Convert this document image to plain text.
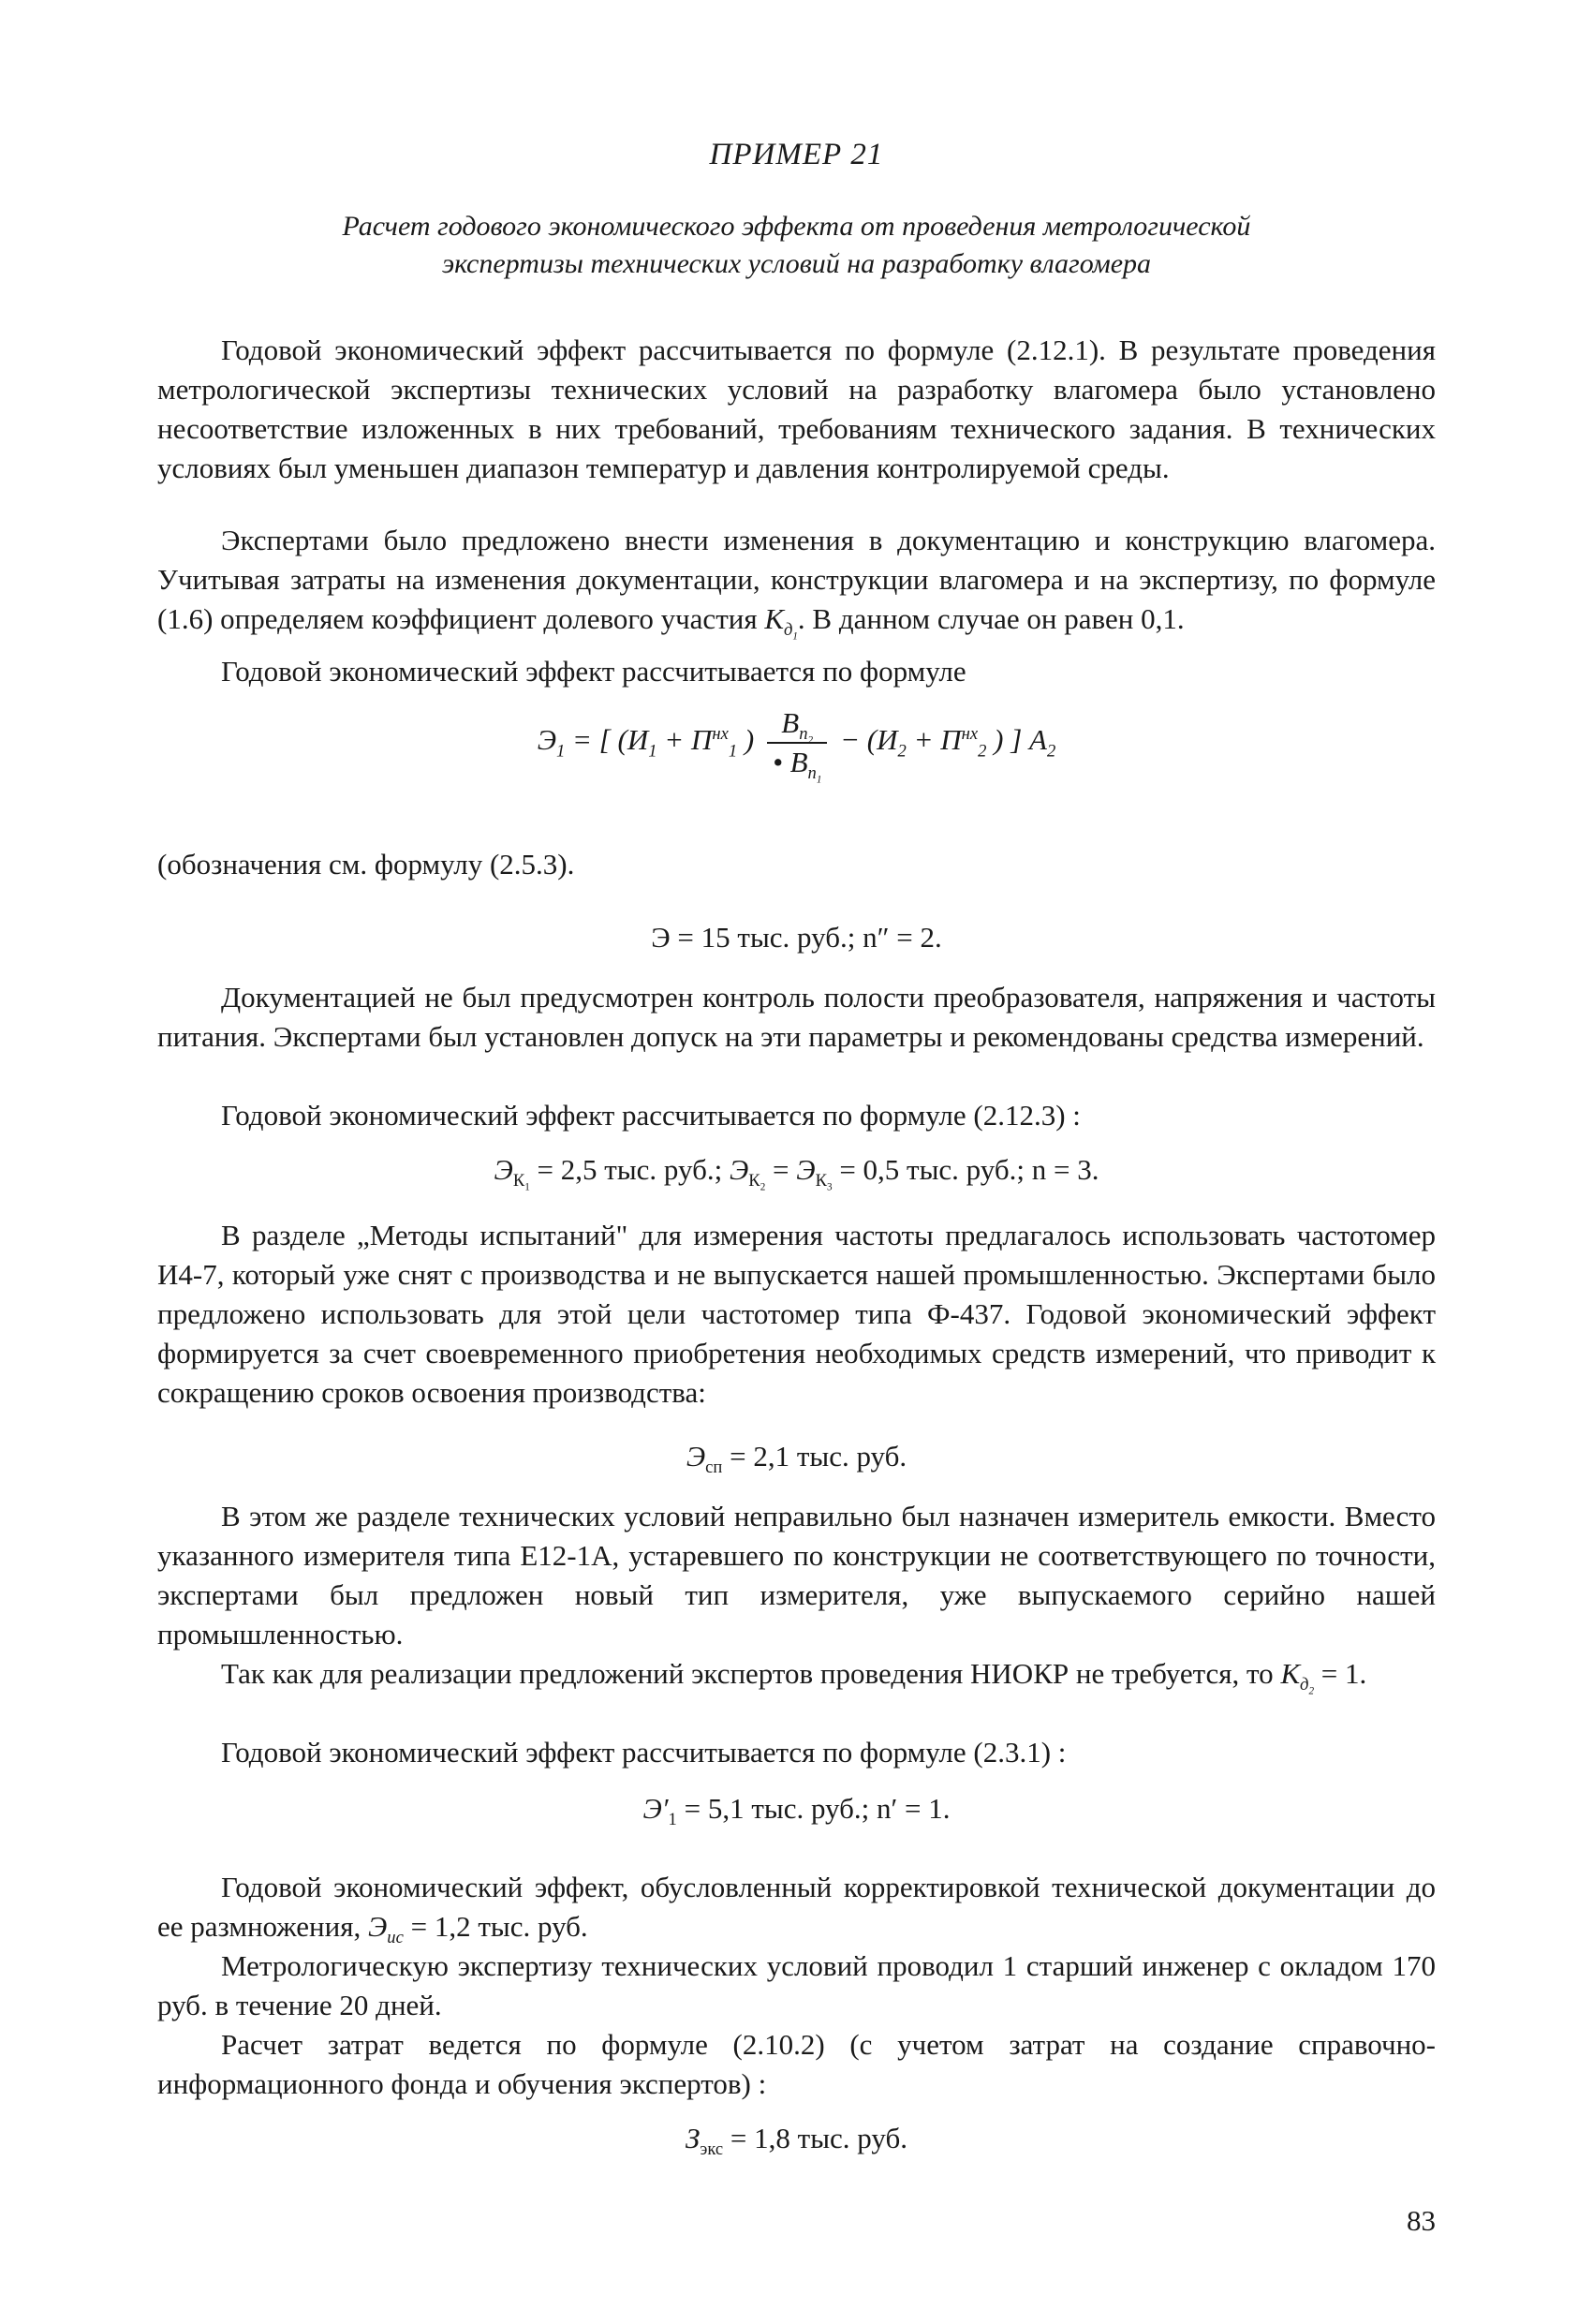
ПРИМЕР 21
Расчет годового экономического эффекта от проведения метрологической
экспертизы технических условий на разработку влагомера

Годовой экономический эффект рассчитывается по формуле (2.12.1). В результате проведения метрологической экспертизы технических условий на разработку влагомера было установлено несоответствие изложенных в них требований, требованиям технического задания. В технических условиях был уменьшен диапазон температур и давления контролируемой среды.

Экспертами было предложено внести изменения в документацию и конструкцию влагомера. Учитывая затраты на изменения документации, конструкции влагомера и на экспертизу, по формуле (1.6) определяем коэффициент долевого участия $К_{д_1}$. В данном случае он равен 0,1.

Годовой экономический эффект рассчитывается по формуле

$Э_1$ = [ ($И_1 + П^{нх}_1$ ) $\frac{В_{п_2}}{• В_{п_1}} - (И_2 + П^{нх}_2$ ) ] $А_2$

(обозначения см. формулу (2.5.3).

Э = 15 тыс. руб.; n″ = 2.

Документацией не был предусмотрен контроль полости преобразователя, напряжения и частоты питания. Экспертами был установлен допуск на эти параметры и рекомендованы средства измерений.

Годовой экономический эффект рассчитывается по формуле (2.12.3) :

$Э_{К_1} = 2,5$ тыс. руб.; $Э_{К_2} = Э_{К_3} = 0,5$ тыс. руб.; n = 3.

В разделе „Методы испытаний" для измерения частоты предлагалось использовать частотомер И4-7, который уже снят с производства и не выпускается нашей промышленностью. Экспертами было предложено использовать для этой цели частотомер типа Ф-437. Годовой экономический эффект формируется за счет своевременного приобретения необходимых средств измерений, что приводит к сокращению сроков освоения производства:

$Э_{сп} = 2,1$ тыс. руб.

В этом же разделе технических условий неправильно был назначен измеритель емкости. Вместо указанного измерителя типа Е12-1А, устаревшего по конструкции не соответствующего по точности, экспертами был предложен новый тип измерителя, уже выпускаемого серийно нашей промышленностью.

Так как для реализации предложений экспертов проведения НИОКР не требуется, то $К_{д_2} = 1$.

Годовой экономический эффект рассчитывается по формуле (2.3.1) :

$Э'_1 = 5,1$ тыс. руб.; n′ = 1.

Годовой экономический эффект, обусловленный корректировкой технической документации до ее размножения, $Э_{ис} = 1,2$ тыс. руб.

Метрологическую экспертизу технических условий проводил 1 старший инженер с окладом 170 руб. в течение 20 дней.

Расчет затрат ведется по формуле (2.10.2) (с учетом затрат на создание справочно-информационного фонда и обучения экспертов) :

$З_{экс} = 1,8$ тыс. руб.
83
